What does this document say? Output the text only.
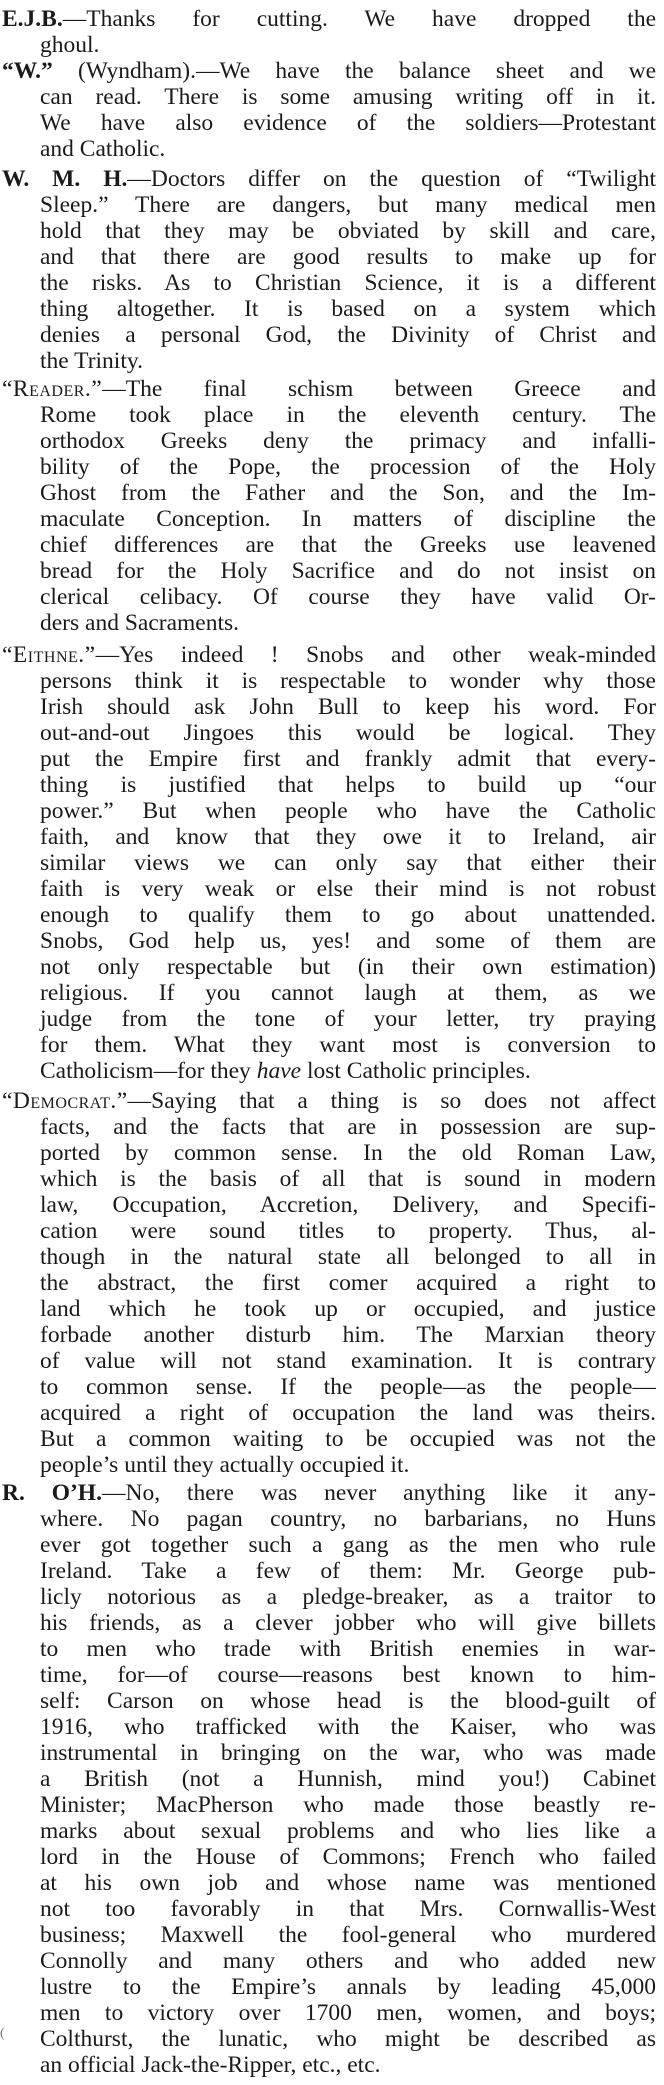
E.J.B.—Thanks for cutting. We have dropped the
ghoul.
“W.” (Wyndham).—We have the balance sheet and we
can read. There is some amusing writing off in it.
We have also evidence of the soldiers—Protestant
and Catholic.
W. M. H.—Doctors differ on the question of “Twilight
Sleep.” There are dangers, but many medical men
hold that they may be obviated by skill and care,
and that there are good results to make up for
the risks. As to Christian Science, it is a different
thing altogether. It is based on a system which
denies a personal God, the Divinity of Christ and
the Trinity.
“Reader.”—The final schism between Greece and
Rome took place in the eleventh century. The
orthodox Greeks deny the primacy and infalli-
bility of the Pope, the procession of the Holy
Ghost from the Father and the Son, and the Im-
maculate Conception. In matters of discipline the
chief differences are that the Greeks use leavened
bread for the Holy Sacrifice and do not insist on
clerical celibacy. Of course they have valid Or-
ders and Sacraments.
“Eithne.”—Yes indeed ! Snobs and other weak-minded
persons think it is respectable to wonder why those
Irish should ask John Bull to keep his word. For
out-and-out Jingoes this would be logical. They
put the Empire first and frankly admit that every-
thing is justified that helps to build up “our
power.” But when people who have the Catholic
faith, and know that they owe it to Ireland, air
similar views we can only say that either their
faith is very weak or else their mind is not robust
enough to qualify them to go about unattended.
Snobs, God help us, yes! and some of them are
not only respectable but (in their own estimation)
religious. If you cannot laugh at them, as we
judge from the tone of your letter, try praying
for them. What they want most is conversion to
Catholicism—for they have lost Catholic principles.
“Democrat.”—Saying that a thing is so does not affect
facts, and the facts that are in possession are sup-
ported by common sense. In the old Roman Law,
which is the basis of all that is sound in modern
law, Occupation, Accretion, Delivery, and Specifi-
cation were sound titles to property. Thus, al-
though in the natural state all belonged to all in
the abstract, the first comer acquired a right to
land which he took up or occupied, and justice
forbade another disturb him. The Marxian theory
of value will not stand examination. It is contrary
to common sense. If the people—as the people—
acquired a right of occupation the land was theirs.
But a common waiting to be occupied was not the
people’s until they actually occupied it.
R. O’H.—No, there was never anything like it any-
where. No pagan country, no barbarians, no Huns
ever got together such a gang as the men who rule
Ireland. Take a few of them: Mr. George pub-
licly notorious as a pledge-breaker, as a traitor to
his friends, as a clever jobber who will give billets
to men who trade with British enemies in war-
time, for—of course—reasons best known to him-
self: Carson on whose head is the blood-guilt of
1916, who trafficked with the Kaiser, who was
instrumental in bringing on the war, who was made
a British (not a Hunnish, mind you!) Cabinet
Minister; MacPherson who made those beastly re-
marks about sexual problems and who lies like a
lord in the House of Commons; French who failed
at his own job and whose name was mentioned
not too favorably in that Mrs. Cornwallis-West
business; Maxwell the fool-general who murdered
Connolly and many others and who added new
lustre to the Empire’s annals by leading 45,000
men to victory over 1700 men, women, and boys;
Colthurst, the lunatic, who might be described as
an official Jack-the-Ripper, etc., etc.
(
